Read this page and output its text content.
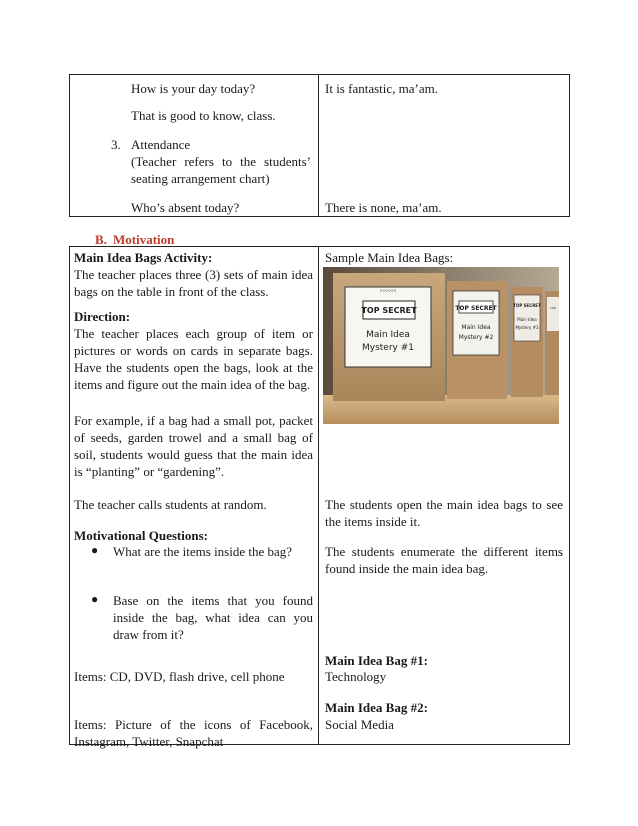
How is your day today?
That is good to know, class.
3. Attendance
(Teacher refers to the students’
seating arrangement chart)
Who’s absent today?
It is fantastic, ma’am.
There is none, ma’am.
B. Motivation
Main Idea Bags Activity:
The teacher places three (3) sets of main idea bags on the table in front of the class.
Direction:
The teacher places each group of item or pictures or words on cards in separate bags. Have the students open the bags, look at the items and figure out the main idea of the bag.
For example, if a bag had a small pot, packet of seeds, garden trowel and a small bag of soil, students would guess that the main idea is “planting” or “gardening”.
The teacher calls students at random.
Motivational Questions:
● What are the items inside the bag?
● Base on the items that you found
inside the bag, what idea can you
draw from it?
Items: CD, DVD, flash drive, cell phone
Items: Picture of the icons of Facebook,
Instagram, Twitter, Snapchat
Sample Main Idea Bags:
◦◦◦◦◦◦
TOP SECRET
Main Idea
Mystery #1
TOP SECRET
Main Idea
Mystery #2
TOP SECRET
Main Idea
Mystery #3
TOP
The students open the main idea bags to see the items inside it.
The students enumerate the different items found inside the main idea bag.
Main Idea Bag #1:
Technology
Main Idea Bag #2:
Social Media
